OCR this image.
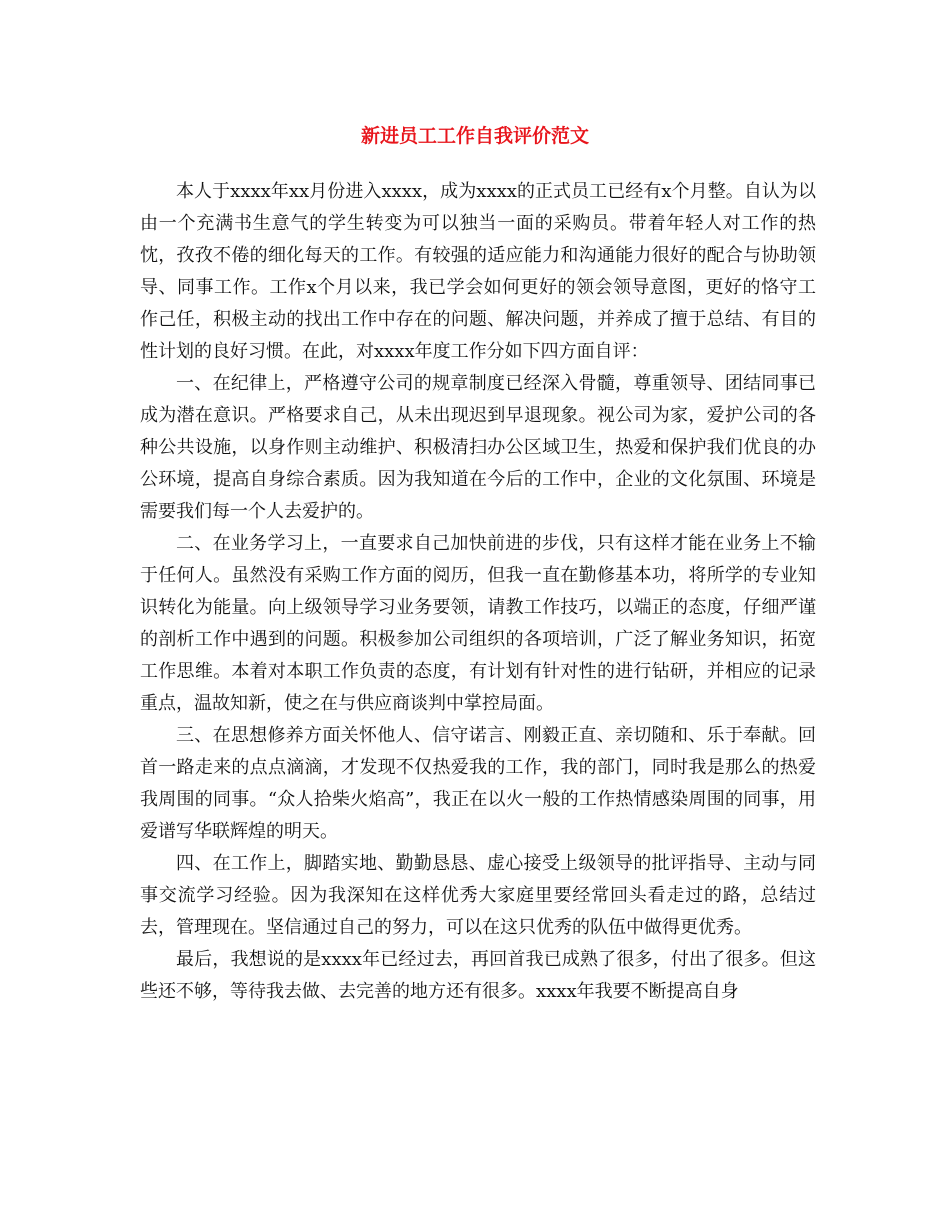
新进员工工作自我评价范文

本人于xxxx年xx月份进入xxxx，成为xxxx的正式员工已经有x个月整。自认为以由一个充满书生意气的学生转变为可以独当一面的采购员。带着年轻人对工作的热忱，孜孜不倦的细化每天的工作。有较强的适应能力和沟通能力很好的配合与协助领导、同事工作。工作x个月以来，我已学会如何更好的领会领导意图，更好的恪守工作己任，积极主动的找出工作中存在的问题、解决问题，并养成了擅于总结、有目的性计划的良好习惯。在此，对xxxx年度工作分如下四方面自评：

一、在纪律上，严格遵守公司的规章制度已经深入骨髓，尊重领导、团结同事已成为潜在意识。严格要求自己，从未出现迟到早退现象。视公司为家，爱护公司的各种公共设施，以身作则主动维护、积极清扫办公区域卫生，热爱和保护我们优良的办公环境，提高自身综合素质。因为我知道在今后的工作中，企业的文化氛围、环境是需要我们每一个人去爱护的。

二、在业务学习上，一直要求自己加快前进的步伐，只有这样才能在业务上不输于任何人。虽然没有采购工作方面的阅历，但我一直在勤修基本功，将所学的专业知识转化为能量。向上级领导学习业务要领，请教工作技巧，以端正的态度，仔细严谨的剖析工作中遇到的问题。积极参加公司组织的各项培训，广泛了解业务知识，拓宽工作思维。本着对本职工作负责的态度，有计划有针对性的进行钻研，并相应的记录重点，温故知新，使之在与供应商谈判中掌控局面。

三、在思想修养方面关怀他人、信守诺言、刚毅正直、亲切随和、乐于奉献。回首一路走来的点点滴滴，才发现不仅热爱我的工作，我的部门，同时我是那么的热爱我周围的同事。“众人拾柴火焰高”，我正在以火一般的工作热情感染周围的同事，用爱谱写华联辉煌的明天。

四、在工作上，脚踏实地、勤勤恳恳、虚心接受上级领导的批评指导、主动与同事交流学习经验。因为我深知在这样优秀大家庭里要经常回头看走过的路，总结过去，管理现在。坚信通过自己的努力，可以在这只优秀的队伍中做得更优秀。

最后，我想说的是xxxx年已经过去，再回首我已成熟了很多，付出了很多。但这些还不够，等待我去做、去完善的地方还有很多。xxxx年我要不断提高自身
